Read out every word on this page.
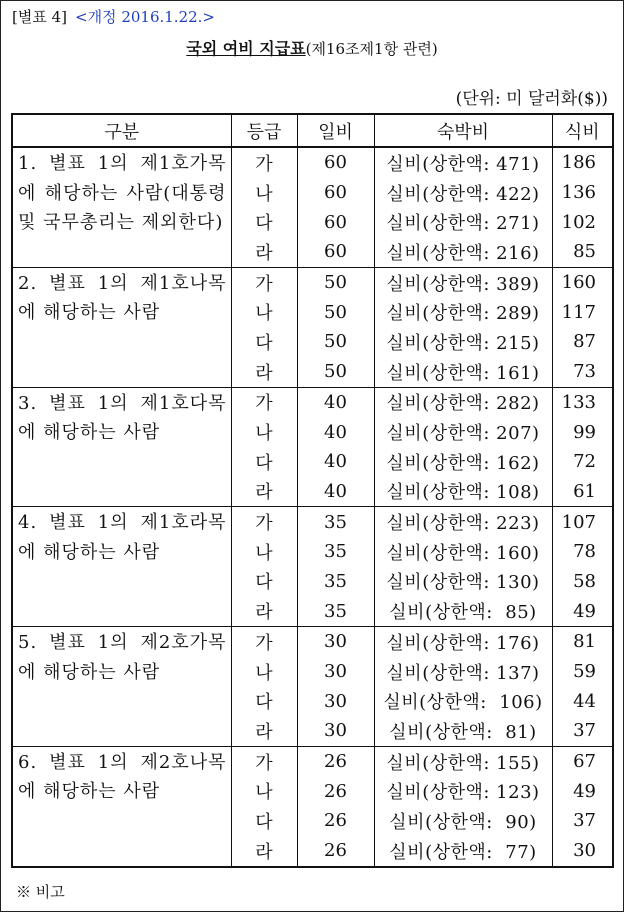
[별표 4] <개정 2016.1.22.>
국외 여비 지급표(제16조제1항 관련)
(단위: 미 달러화($))
구분	등급	일비	숙박비	식비
1. 별표 1의 제1호가목에 해당하는 사람(대통령 및 국무총리는 제외한다)	가	60	실비(상한액: 471)	186
	나	60	실비(상한액: 422)	136
	다	60	실비(상한액: 271)	102
	라	60	실비(상한액: 216)	85
2. 별표 1의 제1호나목에 해당하는 사람	가	50	실비(상한액: 389)	160
	나	50	실비(상한액: 289)	117
	다	50	실비(상한액: 215)	87
	라	50	실비(상한액: 161)	73
3. 별표 1의 제1호다목에 해당하는 사람	가	40	실비(상한액: 282)	133
	나	40	실비(상한액: 207)	99
	다	40	실비(상한액: 162)	72
	라	40	실비(상한액: 108)	61
4. 별표 1의 제1호라목에 해당하는 사람	가	35	실비(상한액: 223)	107
	나	35	실비(상한액: 160)	78
	다	35	실비(상한액: 130)	58
	라	35	실비(상한액:  85)	49
5. 별표 1의 제2호가목에 해당하는 사람	가	30	실비(상한액: 176)	81
	나	30	실비(상한액: 137)	59
	다	30	실비(상한액:  106)	44
	라	30	실비(상한액:  81)	37
6. 별표 1의 제2호나목에 해당하는 사람	가	26	실비(상한액: 155)	67
	나	26	실비(상한액: 123)	49
	다	26	실비(상한액:  90)	37
	라	26	실비(상한액:  77)	30
※ 비고
